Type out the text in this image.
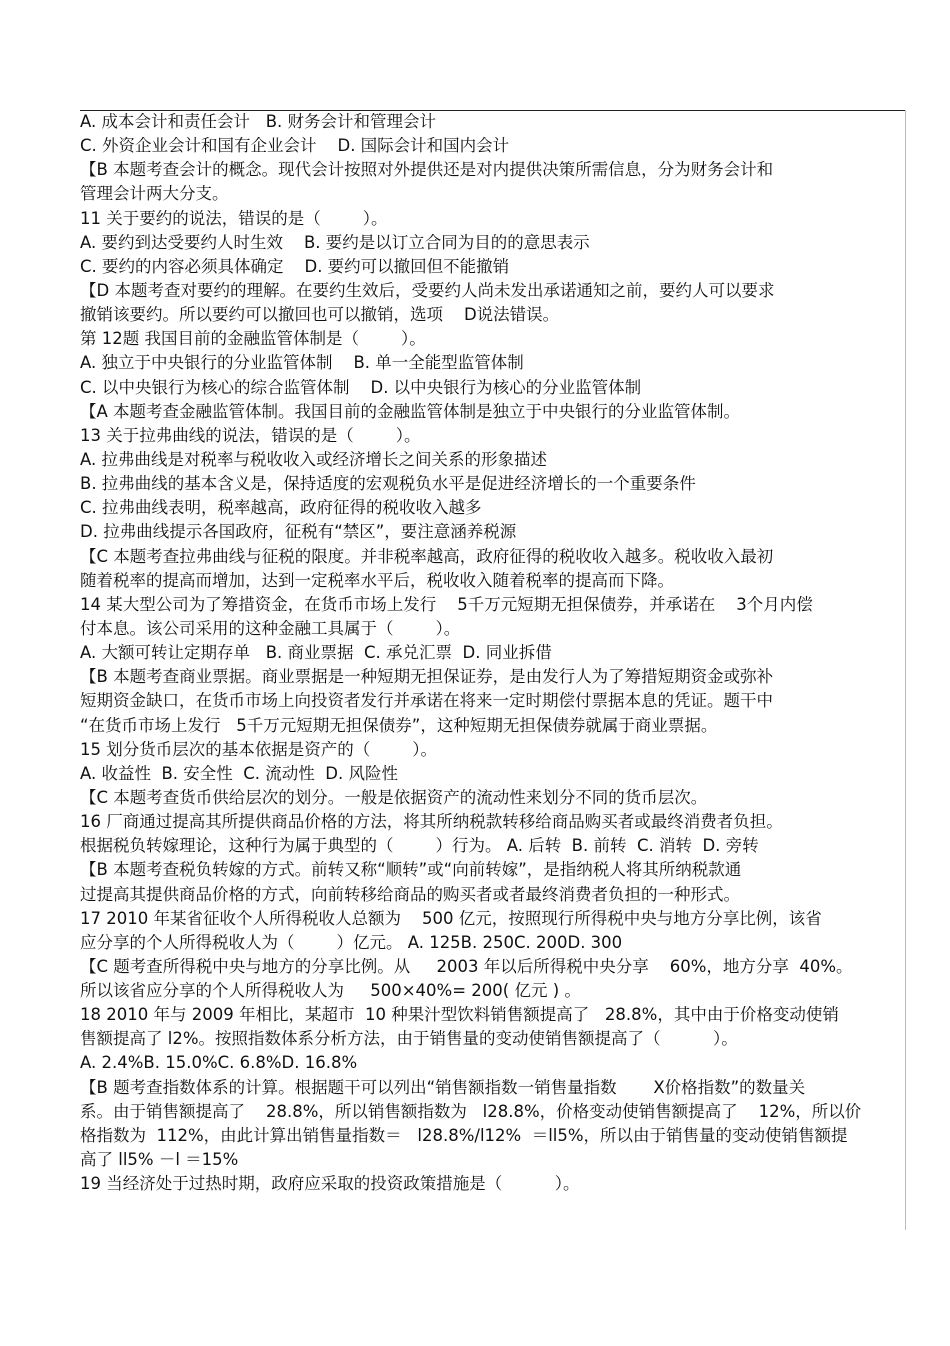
A. 成本会计和责任会计   B. 财务会计和管理会计
C. 外资企业会计和国有企业会计    D. 国际会计和国内会计
【B 本题考查会计的概念。现代会计按照对外提供还是对内提供决策所需信息，分为财务会计和
管理会计两大分支。
11 关于要约的说法，错误的是（        ）。
A. 要约到达受要约人时生效    B. 要约是以订立合同为目的的意思表示
C. 要约的内容必须具体确定    D. 要约可以撤回但不能撤销
【D 本题考查对要约的理解。在要约生效后，受要约人尚未发出承诺通知之前，要约人可以要求
撤销该要约。所以要约可以撤回也可以撤销，选项    D说法错误。
第 12题 我国目前的金融监管体制是（        ）。
A. 独立于中央银行的分业监管体制    B. 单一全能型监管体制
C. 以中央银行为核心的综合监管体制    D. 以中央银行为核心的分业监管体制
【A 本题考查金融监管体制。我国目前的金融监管体制是独立于中央银行的分业监管体制。
13 关于拉弗曲线的说法，错误的是（        ）。
A. 拉弗曲线是对税率与税收收入或经济增长之间关系的形象描述
B. 拉弗曲线的基本含义是，保持适度的宏观税负水平是促进经济增长的一个重要条件
C. 拉弗曲线表明，税率越高，政府征得的税收收入越多
D. 拉弗曲线提示各国政府，征税有“禁区”，要注意涵养税源
【C 本题考查拉弗曲线与征税的限度。并非税率越高，政府征得的税收收入越多。税收收入最初
随着税率的提高而增加，达到一定税率水平后，税收收入随着税率的提高而下降。
14 某大型公司为了筹措资金，在货币市场上发行    5千万元短期无担保债券，并承诺在    3个月内偿
付本息。该公司采用的这种金融工具属于（        ）。
A. 大额可转让定期存单   B. 商业票据  C. 承兑汇票  D. 同业拆借
【B 本题考查商业票据。商业票据是一种短期无担保证券，是由发行人为了筹措短期资金或弥补
短期资金缺口，在货币市场上向投资者发行并承诺在将来一定时期偿付票据本息的凭证。题干中
“在货币市场上发行   5千万元短期无担保债券”，这种短期无担保债券就属于商业票据。
15 划分货币层次的基本依据是资产的（        ）。
A. 收益性  B. 安全性  C. 流动性  D. 风险性
【C 本题考查货币供给层次的划分。一般是依据资产的流动性来划分不同的货币层次。
16 厂商通过提高其所提供商品价格的方法，将其所纳税款转移给商品购买者或最终消费者负担。
根据税负转嫁理论，这种行为属于典型的（        ）行为。 A. 后转  B. 前转  C. 消转  D. 旁转
【B 本题考查税负转嫁的方式。前转又称“顺转”或“向前转嫁”，是指纳税人将其所纳税款通
过提高其提供商品价格的方式，向前转移给商品的购买者或者最终消费者负担的一种形式。
17 2010 年某省征收个人所得税收人总额为    500 亿元，按照现行所得税中央与地方分享比例，该省
应分享的个人所得税收人为（        ）亿元。 A. 125B. 250C. 200D. 300
【C 题考查所得税中央与地方的分享比例。从     2003 年以后所得税中央分享    60%，地方分享  40%。
所以该省应分享的个人所得税收人为     500×40%= 200( 亿元 ) 。
18 2010 年与 2009 年相比，某超市  10 种果汁型饮料销售额提高了   28.8%，其中由于价格变动使销
售额提高了 l2%。按照指数体系分析方法，由于销售量的变动使销售额提高了（          ）。
A. 2.4%B. 15.0%C. 6.8%D. 16.8%
【B 题考查指数体系的计算。根据题干可以列出“销售额指数一销售量指数       X价格指数”的数量关
系。由于销售额提高了    28.8%，所以销售额指数为   l28.8%，价格变动使销售额提高了    12%，所以价
格指数为  112%，由此计算出销售量指数＝   l28.8%/l12%  ＝ll5%，所以由于销售量的变动使销售额提
高了 ll5% －l ＝15%
19 当经济处于过热时期，政府应采取的投资政策措施是（          ）。
